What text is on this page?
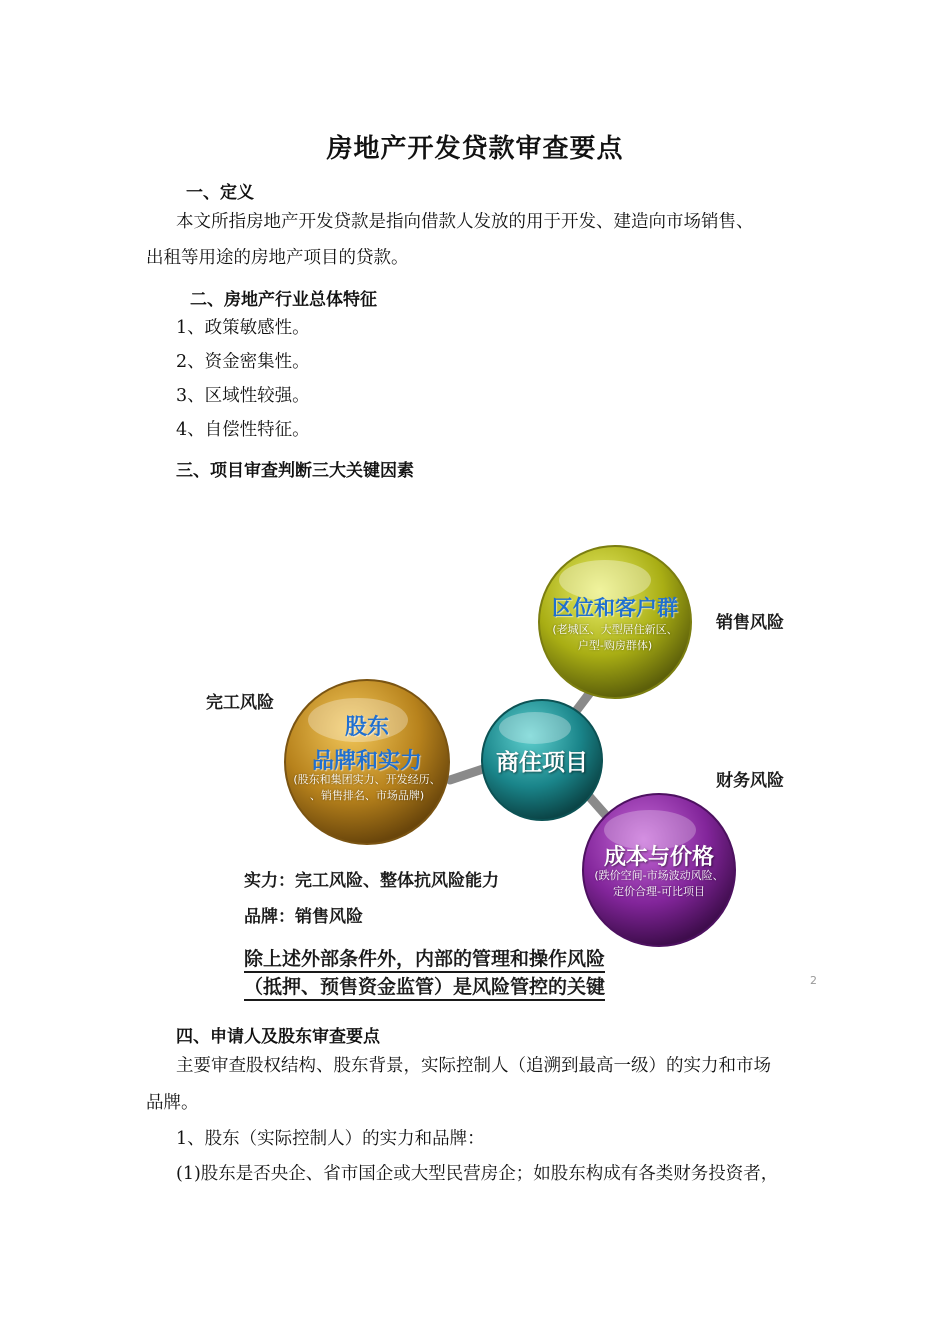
房地产开发贷款审查要点
一、定义
本文所指房地产开发贷款是指向借款人发放的用于开发、建造向市场销售、
出租等用途的房地产项目的贷款。
二、房地产行业总体特征
1、政策敏感性。
2、资金密集性。
3、区域性较强。
4、自偿性特征。
三、项目审查判断三大关键因素
区位和客户群
(老城区、大型居住新区、
户型-购房群体)
股东
品牌和实力
(股东和集团实力、开发经历、
、销售排名、市场品牌)
商住项目
成本与价格
(跌价空间-市场波动风险、
定价合理-可比项目
销售风险
完工风险
财务风险
实力：完工风险、整体抗风险能力
品牌：销售风险
除上述外部条件外，内部的管理和操作风险
（抵押、预售资金监管）是风险管控的关键	2
四、申请人及股东审查要点
主要审查股权结构、股东背景，实际控制人（追溯到最高一级）的实力和市场
品牌。
1、股东（实际控制人）的实力和品牌：
(1)股东是否央企、省市国企或大型民营房企；如股东构成有各类财务投资者，
